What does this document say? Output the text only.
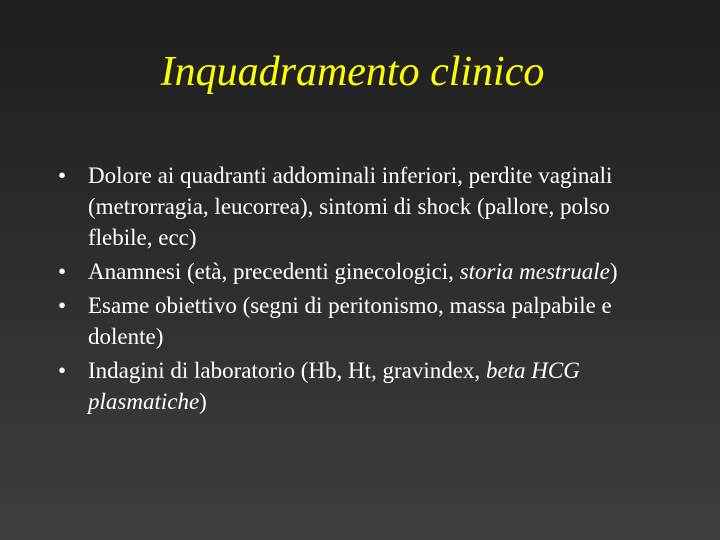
Inquadramento clinico
• Dolore ai quadranti addominali inferiori, perdite vaginali (metrorragia, leucorrea), sintomi di shock (pallore, polso flebile, ecc)
• Anamnesi (età, precedenti ginecologici, storia mestruale)
• Esame obiettivo (segni di peritonismo, massa palpabile e dolente)
• Indagini di laboratorio (Hb, Ht, gravindex, beta HCG plasmatiche)
